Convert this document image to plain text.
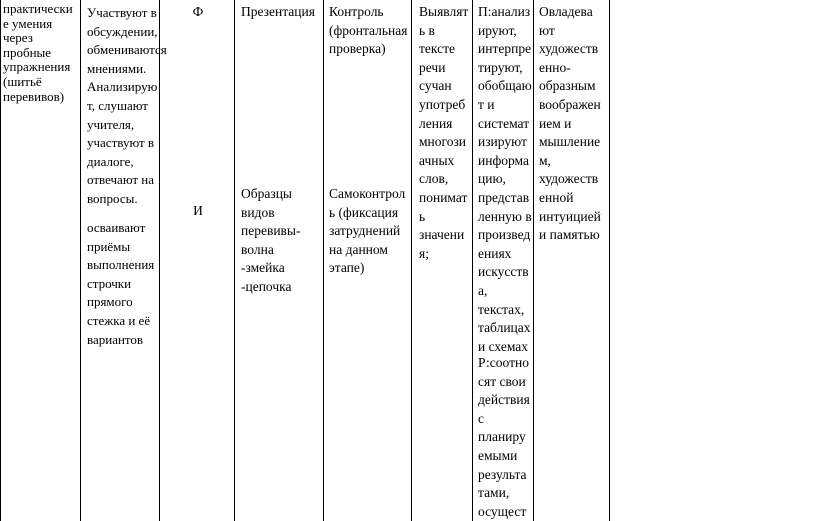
практически
е умения
через
пробные
упражнения
(шитьё
перевивов)
Участвуют в
обсуждении,
обмениваются
мнениями.
Анализирую
т, слушают
учителя,
участвуют в
диалоге,
отвечают на
вопросы.
осваивают
приёмы
выполнения
строчки
прямого
стежка и её
вариантов
Ф
И
Презентация
Образцы
видов
перевивы-
волна
-змейка
-цепочка
Контроль
(фронтальная
проверка)
Самоконтрол
ь (фиксация
затруднений
на данном
этапе)
Выявлят
ь в
тексте
речи
сучан
употреб
ления
многози
ачных
слов,
понимат
ь
значени
я;
П:анализ
ируют,
интерпре
тируют,
обобщаю
т и
системат
изируют
информа
цию,
представ
ленную в
произвед
ениях
искусств
а,
текстах,
таблицах
и схемах
Р:соотно
сят свои
действия
с
планиру
емыми
результа
тами,
осущест
Овладева
ют
художеств
енно-
образным
воображен
ием и
мышление
м,
художеств
енной
интуицией
и памятью
